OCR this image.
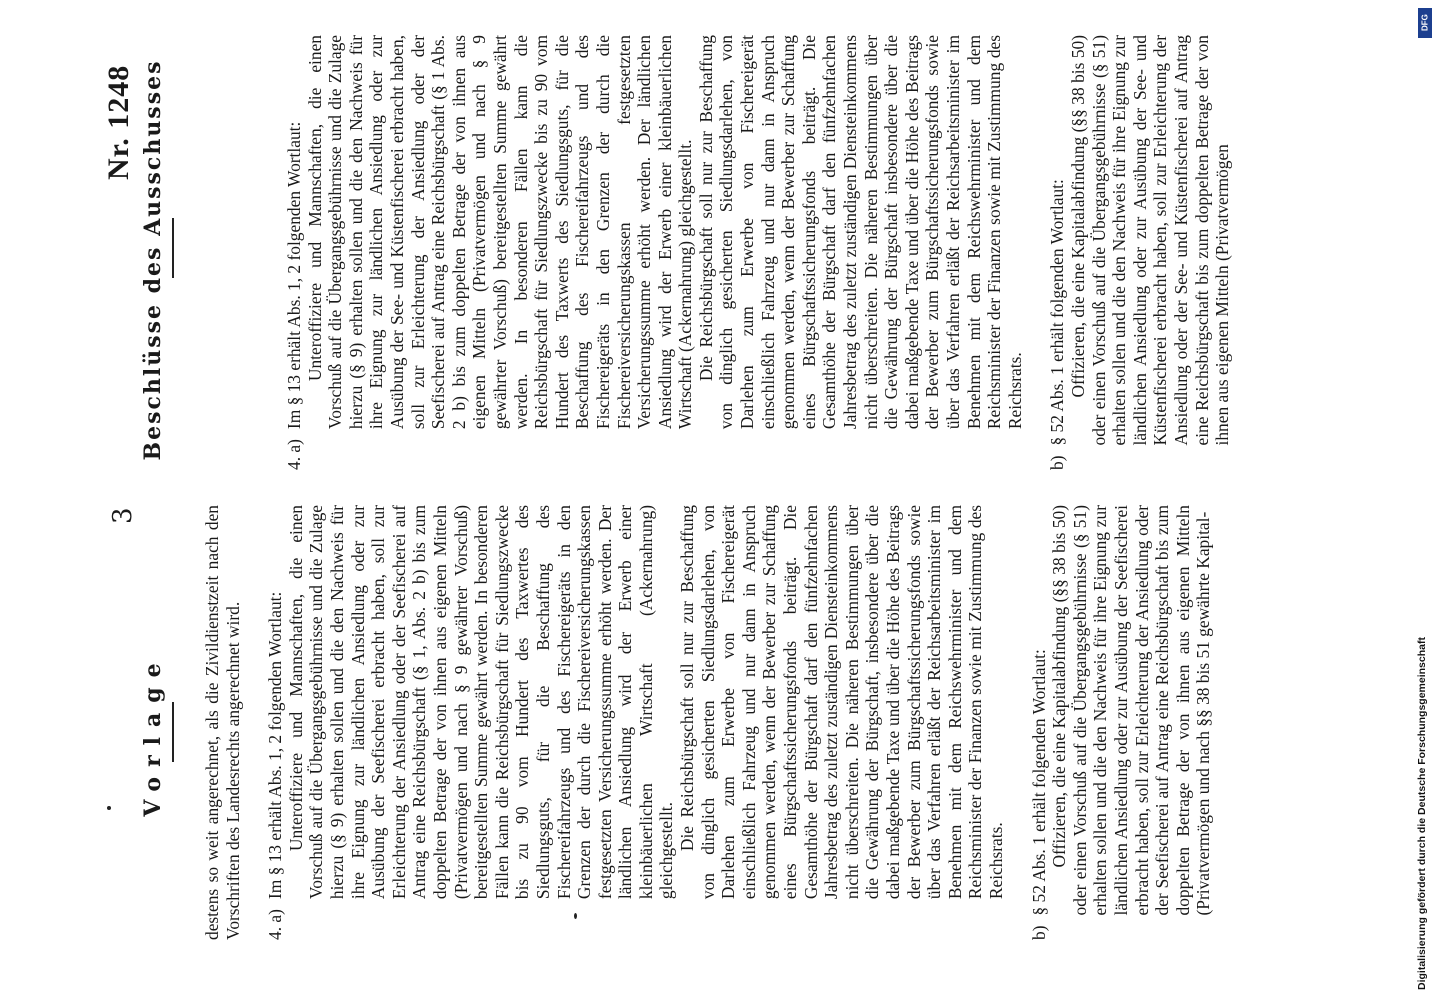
3
Nr. 1248
Vorlage
Beschlüsse des Ausschusses

destens so weit angerechnet, als die Zivildienstzeit nach den Vorschriften des Landesrechts angerechnet wird. 4. a)

Im § 13 erhält Abs. 1, 2 folgenden Wortlaut: Unteroffiziere und Mannschaften, die einen Vorschuß auf die Übergangsgebührnisse und die Zulage hierzu (§ 9) erhalten sollen und die den Nachweis für ihre Eignung zur ländlichen Ansiedlung oder zur Ausübung der Seefischerei erbracht haben, soll zur Erleichterung der Ansiedlung oder der Seefischerei auf Antrag eine Reichsbürgschaft (§ 1, Abs. 2 b) bis zum doppelten Betrage der von ihnen aus eigenen Mitteln (Privatvermögen und nach § 9 gewährter Vorschuß) bereitgestellten Summe gewährt werden. In besonderen Fällen kann die Reichsbürgschaft für Siedlungszwecke bis zu 90 vom Hundert des Taxwertes des Siedlungsguts, für die Beschaffung des Fischereifahrzeugs und des Fischereigeräts in den Grenzen der durch die Fischereiversicherungskassen festgesetzten Versicherungssumme erhöht werden. Der ländlichen Ansiedlung wird der Erwerb einer kleinbäuerlichen Wirtschaft (Ackernahrung) gleichgestellt. Die Reichsbürgschaft soll nur zur Beschaffung von dinglich gesicherten Siedlungsdarlehen, von Darlehen zum Erwerbe von Fischereigerät einschließlich Fahrzeug und nur dann in Anspruch genommen werden, wenn der Bewerber zur Schaffung eines Bürgschaftssicherungsfonds beiträgt. Die Gesamthöhe der Bürgschaft darf den fünfzehnfachen Jahresbetrag des zuletzt zuständigen Diensteinkommens nicht überschreiten. Die näheren Bestimmungen über die Gewährung der Bürgschaft, insbesondere über die dabei maßgebende Taxe und über die Höhe des Beitrags der Bewerber zum Bürgschaftssicherungsfonds sowie über das Verfahren erläßt der Reichsarbeitsminister im Benehmen mit dem Reichswehrminister und dem Reichsminister der Finanzen sowie mit Zustimmung des Reichsrats.

b)

§ 52 Abs. 1 erhält folgenden Wortlaut: Offizieren, die eine Kapitalabfindung (§§ 38 bis 50) oder einen Vorschuß auf die Übergangsgebührnisse (§ 51) erhalten sollen und die den Nachweis für ihre Eignung zur ländlichen Ansiedlung oder zur Ausübung der Seefischerei erbracht haben, soll zur Erleichterung der Ansiedlung oder der Seefischerei auf Antrag eine Reichsbürgschaft bis zum doppelten Betrage der von ihnen aus eigenen Mitteln (Privatvermögen und nach §§ 38 bis 51 gewährte Kapital-

4. a)

Im § 13 erhält Abs. 1, 2 folgenden Wortlaut: Unteroffiziere und Mannschaften, die einen Vorschuß auf die Übergangsgebührnisse und die Zulage hierzu (§ 9) erhalten sollen und die den Nachweis für ihre Eignung zur ländlichen Ansiedlung oder zur Ausübung der See- und Küstenfischerei erbracht haben, soll zur Erleichterung der Ansiedlung oder der Seefischerei auf Antrag eine Reichsbürgschaft (§ 1 Abs. 2 b) bis zum doppelten Betrage der von ihnen aus eigenen Mitteln (Privatvermögen und nach § 9 gewährter Vorschuß) bereitgestellten Summe gewährt werden. In besonderen Fällen kann die Reichsbürgschaft für Siedlungszwecke bis zu 90 vom Hundert des Taxwerts des Siedlungsguts, für die Beschaffung des Fischereifahrzeugs und des Fischereigeräts in den Grenzen der durch die Fischereiversicherungskassen festgesetzten Versicherungssumme erhöht werden. Der ländlichen Ansiedlung wird der Erwerb einer kleinbäuerlichen Wirtschaft (Ackernahrung) gleichgestellt. Die Reichsbürgschaft soll nur zur Beschaffung von dinglich gesicherten Siedlungsdarlehen, von Darlehen zum Erwerbe von Fischereigerät einschließlich Fahrzeug und nur dann in Anspruch genommen werden, wenn der Bewerber zur Schaffung eines Bürgschaftssicherungsfonds beiträgt. Die Gesamthöhe der Bürgschaft darf den fünfzehnfachen Jahresbetrag des zuletzt zuständigen Diensteinkommens nicht überschreiten. Die näheren Bestimmungen über die Gewährung der Bürgschaft insbesondere über die dabei maßgebende Taxe und über die Höhe des Beitrags der Bewerber zum Bürgschaftssicherungsfonds sowie über das Verfahren erläßt der Reichsarbeitsminister im Benehmen mit dem Reichswehrminister und dem Reichsminister der Finanzen sowie mit Zustimmung des Reichsrats.

b)

§ 52 Abs. 1 erhält folgenden Wortlaut: Offizieren, die eine Kapitalabfindung (§§ 38 bis 50) oder einen Vorschuß auf die Übergangsgebührnisse (§ 51) erhalten sollen und die den Nachweis für ihre Eignung zur ländlichen Ansiedlung oder zur Ausübung der See- und Küstenfischerei erbracht haben, soll zur Erleichterung der Ansiedlung oder der See- und Küstenfischerei auf Antrag eine Reichsbürgschaft bis zum doppelten Betrage der von ihnen aus eigenen Mitteln (Privatvermögen

DFG
Digitalisierung gefördert durch die Deutsche Forschungsgemeinschaft
